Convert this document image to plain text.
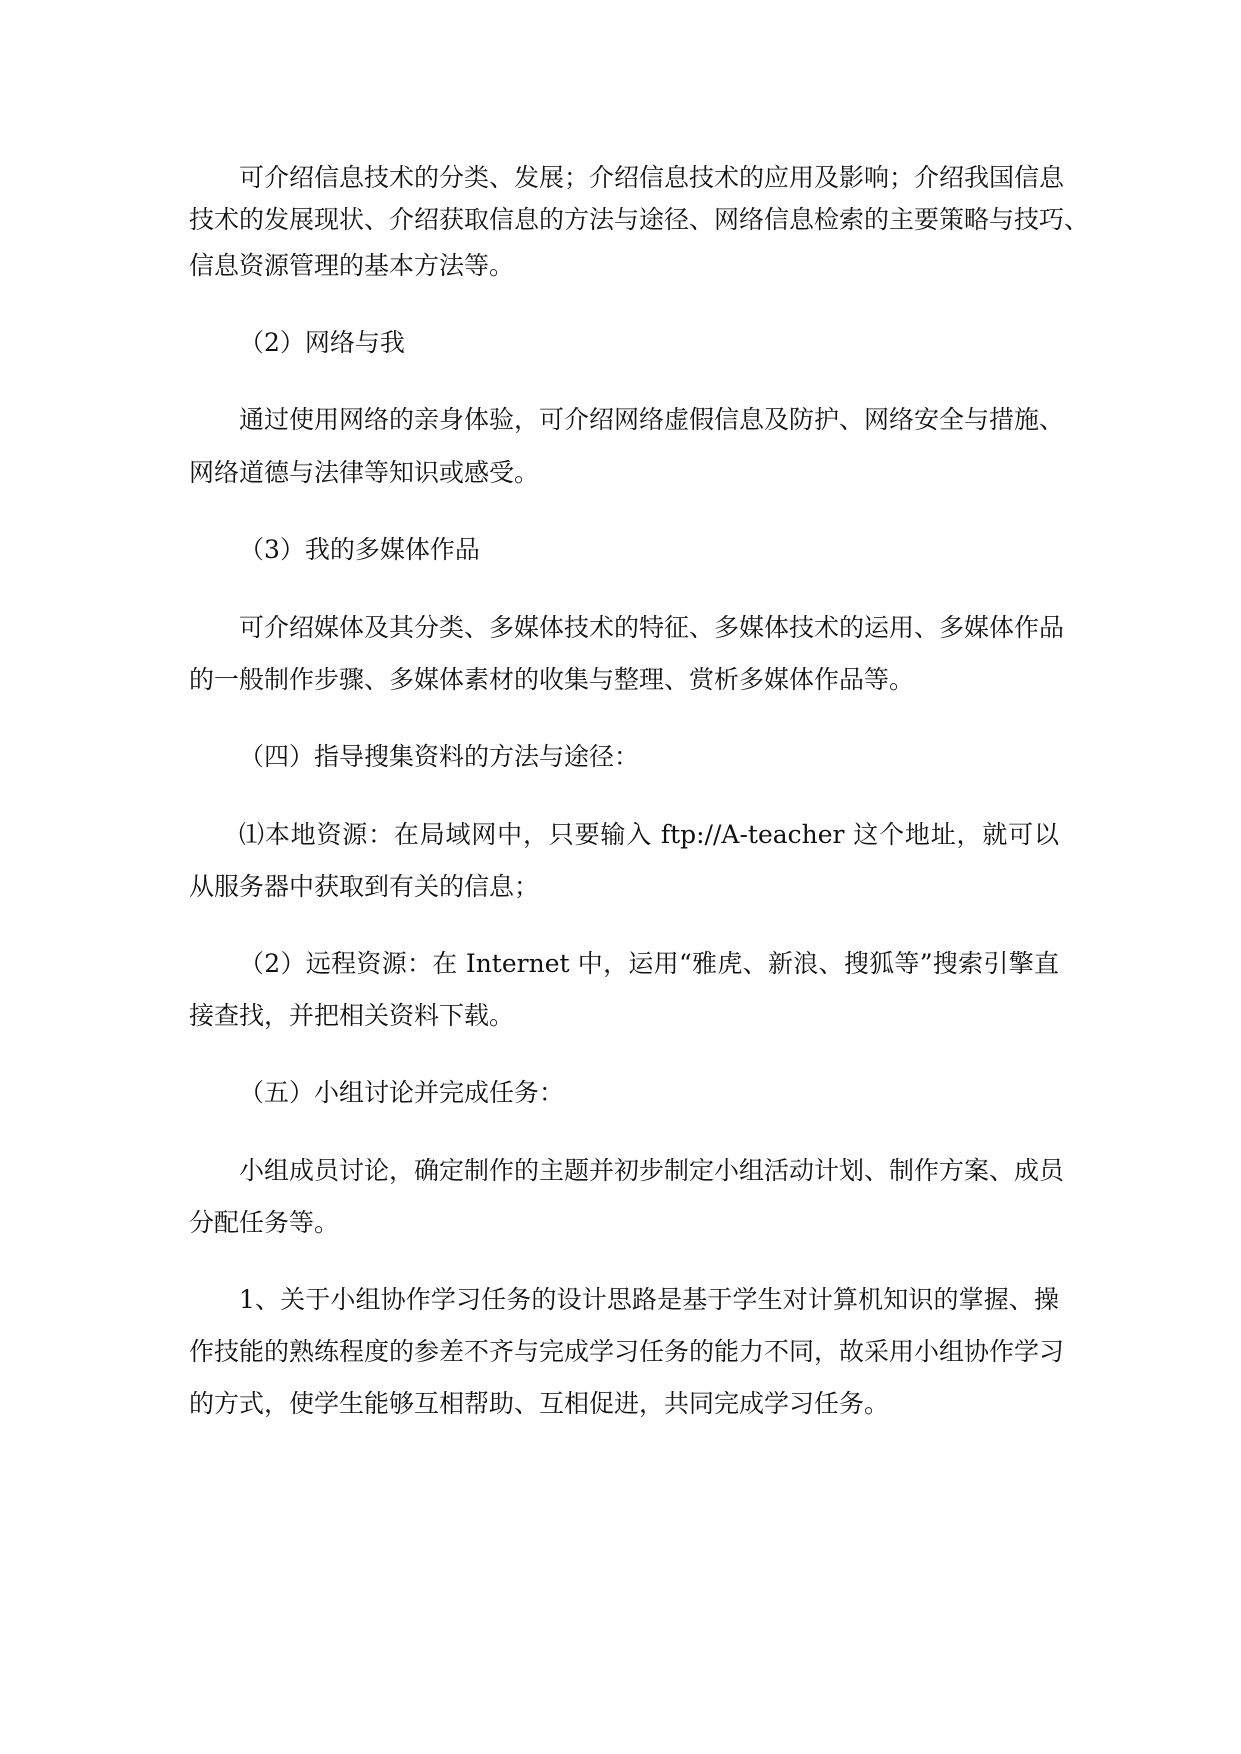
可介绍信息技术的分类、发展；介绍信息技术的应用及影响；介绍我国信息
技术的发展现状、介绍获取信息的方法与途径、网络信息检索的主要策略与技巧、
信息资源管理的基本方法等。
（2）网络与我
通过使用网络的亲身体验，可介绍网络虚假信息及防护、网络安全与措施、
网络道德与法律等知识或感受。
（3）我的多媒体作品
可介绍媒体及其分类、多媒体技术的特征、多媒体技术的运用、多媒体作品
的一般制作步骤、多媒体素材的收集与整理、赏析多媒体作品等。
（四）指导搜集资料的方法与途径：
⑴本地资源：在局域网中，只要输入 ftp://A-teacher 这个地址，就可以
从服务器中获取到有关的信息；
（2）远程资源：在 Internet 中，运用“雅虎、新浪、搜狐等”搜索引擎直
接查找，并把相关资料下载。
（五）小组讨论并完成任务：
小组成员讨论，确定制作的主题并初步制定小组活动计划、制作方案、成员
分配任务等。
1、关于小组协作学习任务的设计思路是基于学生对计算机知识的掌握、操
作技能的熟练程度的参差不齐与完成学习任务的能力不同，故采用小组协作学习
的方式，使学生能够互相帮助、互相促进，共同完成学习任务。
